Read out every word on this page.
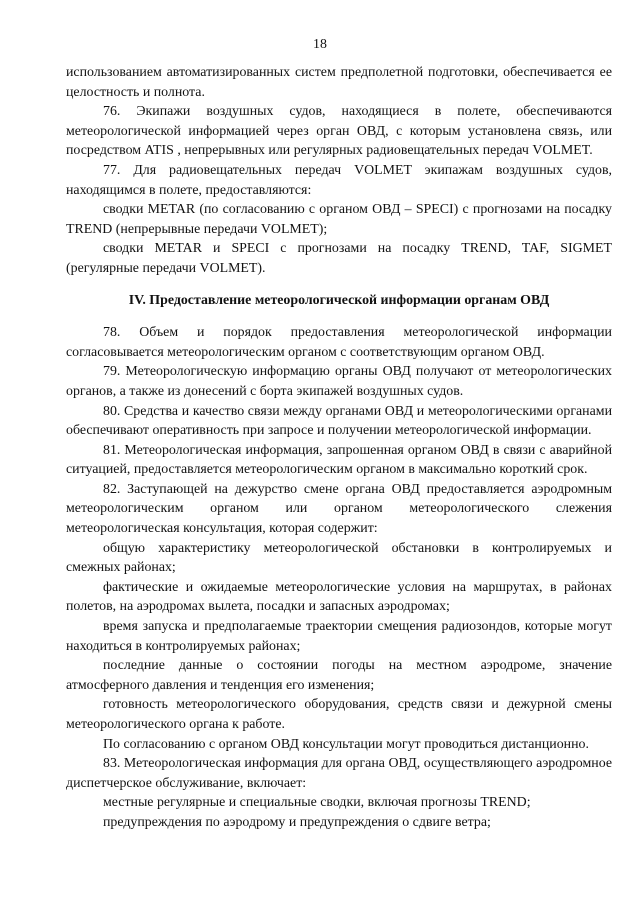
18

использованием автоматизированных систем предполетной подготовки, обеспечивается ее целостность и полнота.

76. Экипажи воздушных судов, находящиеся в полете, обеспечиваются метеорологической информацией через орган ОВД, с которым установлена связь, или посредством ATIS , непрерывных или регулярных радиовещательных передач VOLMET.

77. Для радиовещательных передач VOLMET экипажам воздушных судов, находящимся в полете, предоставляются:

сводки METAR (по согласованию с органом ОВД – SPECI) с прогнозами на посадку TREND (непрерывные передачи VOLMET);

сводки METAR и SPECI с прогнозами на посадку TREND, TAF, SIGMET (регулярные передачи VOLMET).

IV. Предоставление метеорологической информации органам ОВД

78. Объем и порядок предоставления метеорологической информации согласовывается метеорологическим органом с соответствующим органом ОВД.

79. Метеорологическую информацию органы ОВД получают от метеорологических органов, а также из донесений с борта экипажей воздушных судов.

80. Средства и качество связи между органами ОВД и метеорологическими органами обеспечивают оперативность при запросе и получении метеорологической информации.

81. Метеорологическая информация, запрошенная органом ОВД в связи с аварийной ситуацией, предоставляется метеорологическим органом в максимально короткий срок.

82. Заступающей на дежурство смене органа ОВД предоставляется аэродромным метеорологическим органом или органом метеорологического слежения метеорологическая консультация, которая содержит:

общую характеристику метеорологической обстановки в контролируемых и смежных районах;

фактические и ожидаемые метеорологические условия на маршрутах, в районах полетов, на аэродромах вылета, посадки и запасных аэродромах;

время запуска и предполагаемые траектории смещения радиозондов, которые могут находиться в контролируемых районах;

последние данные о состоянии погоды на местном аэродроме, значение атмосферного давления и тенденция его изменения;

готовность метеорологического оборудования, средств связи и дежурной смены метеорологического органа к работе.

По согласованию с органом ОВД консультации могут проводиться дистанционно.

83. Метеорологическая информация для органа ОВД, осуществляющего аэродромное диспетчерское обслуживание, включает:

местные регулярные и специальные сводки, включая прогнозы TREND;

предупреждения по аэродрому и предупреждения о сдвиге ветра;
